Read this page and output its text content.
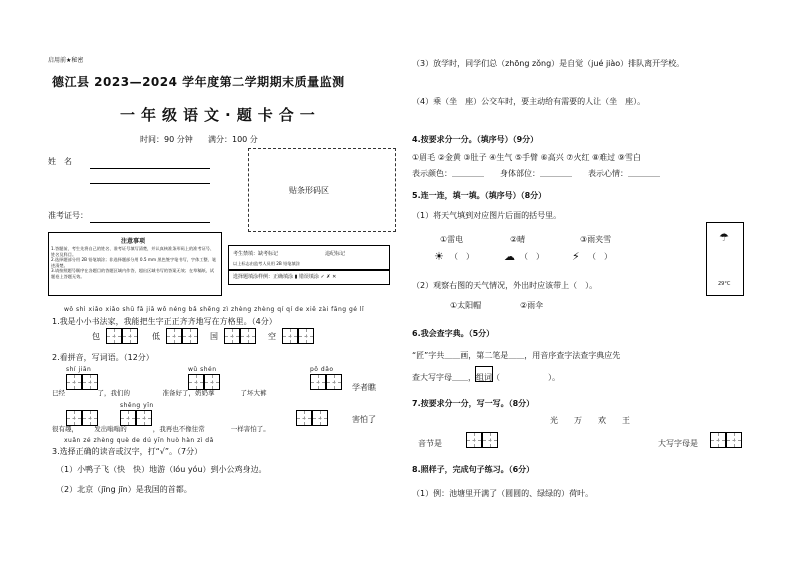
启用前★秘密
德江县 2023—2024 学年度第二学期期末质量监测
一年级语文·题卡合一
时间：90 分钟 满分：100 分
姓　名
准考证号：
贴条形码区
注意事项
1.答题前，考生先将自己的姓名、准考证号填写清楚，并认真核准条形码上的准考证号、姓名及科目。
2.选择题部分用 2B 铅笔填涂；非选择题部分用 0.5 mm 黑色签字笔书写，字体工整、笔迹清楚。
3.请按照题号顺序在各题目的答题区域内作答，超出区域书写的答案无效；在草稿纸、试题卷上答题无效。
考生禁填：缺考标记	违纪标记
以上标志由监考人员用 2B 铅笔填涂
选择题填涂样例：正确填涂 ▮ 错误填涂 ✓ ✗ ✕
wǒ shì xiǎo xiǎo shū fǎ jiā wǒ néng bǎ shēng zì zhèng zhèng qí qí de xiě zài fāng gé lǐ
1.我是小小书法家，我能把生字正正齐齐地写在方格里。（4分）
包	低	国	空
2.看拼音，写词语。（12分）
shí jiān	wǔ shén	pō dǎo
巳经　　　　　了，我们的　　　　　准备好了，奶奶拿　　　　了坏大裤
学者瞧
shēng yīn
很有趣，　　　发出嗡嗡的　　　　，我再也不像往常　　　　一样害怕了。
害怕了
xuǎn zé zhèng què de dú yīn huò hàn zì dǎ
3.选择正确的读音或汉字，打“√”。（7分）
（1）小鸭子飞（快　快）地游（lóu yóu）到小公鸡身边。
（2）北京（jīng jīn）是我国的首都。
（3）放学时，同学们总（zhōng zǒng）是自觉（jué jiào）排队离开学校。
（4）乘（坐　座）公交车时，要主动给有需要的人让（坐　座）。
4.按要求分一分。（填序号）（9分）
①眉毛 ②金黄 ③肚子 ④生气 ⑤手臂 ⑥高兴 ⑦火红 ⑧难过 ⑨雪白
表示颜色：＿＿＿＿　　身体部位：＿＿＿＿　　表示心情：＿＿＿＿
5.连一连，填一填。（填序号）（8分）
（1）将天气填到对应图片后面的括号里。
①雷电	②晴	③雨夹雪
☀ （　）	☁ （　）	⚡ （　）
☂
29°C
（2）观察右图的天气情况，外出时应该带上（　）。
①太阳帽	②雨伞
6.我会查字典。（5分）
“匠”字共＿＿画，第二笔是＿＿，用音序查字法查字典应先
查大写字母＿＿，组词（　　　　　　）。
7.按要求分一分，写一写。（8分）
光 万 欢 王
音节是	大写字母是
8.照样子，完成句子练习。（6分）
（1）例：池塘里开满了（圆圆的、绿绿的）荷叶。
